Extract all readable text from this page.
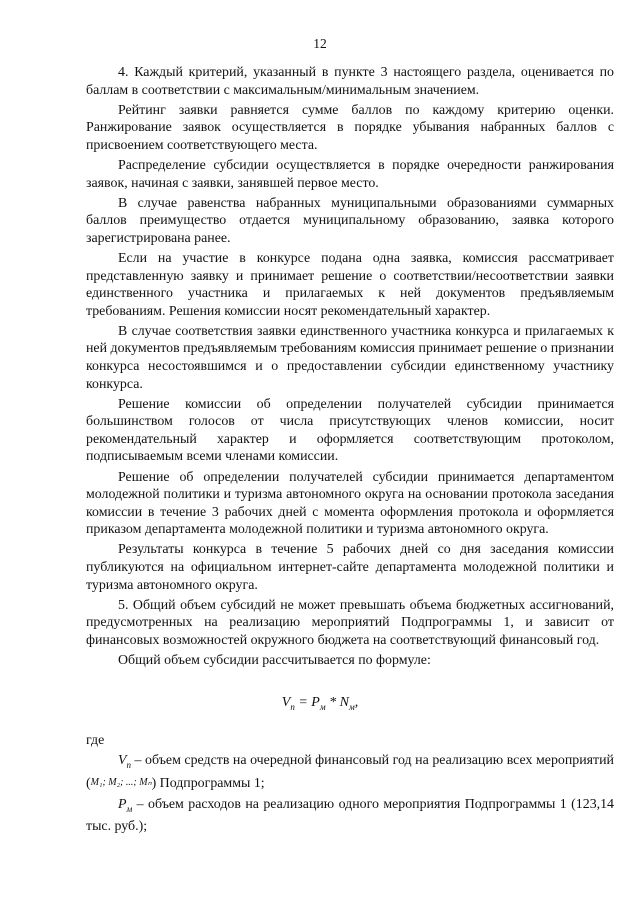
12

4. Каждый критерий, указанный в пункте 3 настоящего раздела, оценивается по баллам в соответствии с максимальным/минимальным значением.

Рейтинг заявки равняется сумме баллов по каждому критерию оценки. Ранжирование заявок осуществляется в порядке убывания набранных баллов с присвоением соответствующего места.

Распределение субсидии осуществляется в порядке очередности ранжирования заявок, начиная с заявки, занявшей первое место.

В случае равенства набранных муниципальными образованиями суммарных баллов преимущество отдается муниципальному образованию, заявка которого зарегистрирована ранее.

Если на участие в конкурсе подана одна заявка, комиссия рассматривает представленную заявку и принимает решение о соответствии/несоответствии заявки единственного участника и прилагаемых к ней документов предъявляемым требованиям. Решения комиссии носят рекомендательный характер.

В случае соответствия заявки единственного участника конкурса и прилагаемых к ней документов предъявляемым требованиям комиссия принимает решение о признании конкурса несостоявшимся и о предоставлении субсидии единственному участнику конкурса.

Решение комиссии об определении получателей субсидии принимается большинством голосов от числа присутствующих членов комиссии, носит рекомендательный характер и оформляется соответствующим протоколом, подписываемым всеми членами комиссии.

Решение об определении получателей субсидии принимается департаментом молодежной политики и туризма автономного округа на основании протокола заседания комиссии в течение 3 рабочих дней с момента оформления протокола и оформляется приказом департамента молодежной политики и туризма автономного округа.

Результаты конкурса в течение 5 рабочих дней со дня заседания комиссии публикуются на официальном интернет-сайте департамента молодежной политики и туризма автономного округа.

5. Общий объем субсидий не может превышать объема бюджетных ассигнований, предусмотренных на реализацию мероприятий Подпрограммы 1, и зависит от финансовых возможностей окружного бюджета на соответствующий финансовый год.

Общий объем субсидии рассчитывается по формуле:

$V_п = P_м * N_м$,
где

$V_п$ – объем средств на очередной финансовый год на реализацию всех мероприятий (M₁; M₂; ...; Mₙ) Подпрограммы 1;

$P_м$ – объем расходов на реализацию одного мероприятия Подпрограммы 1 (123,14 тыс. руб.);
